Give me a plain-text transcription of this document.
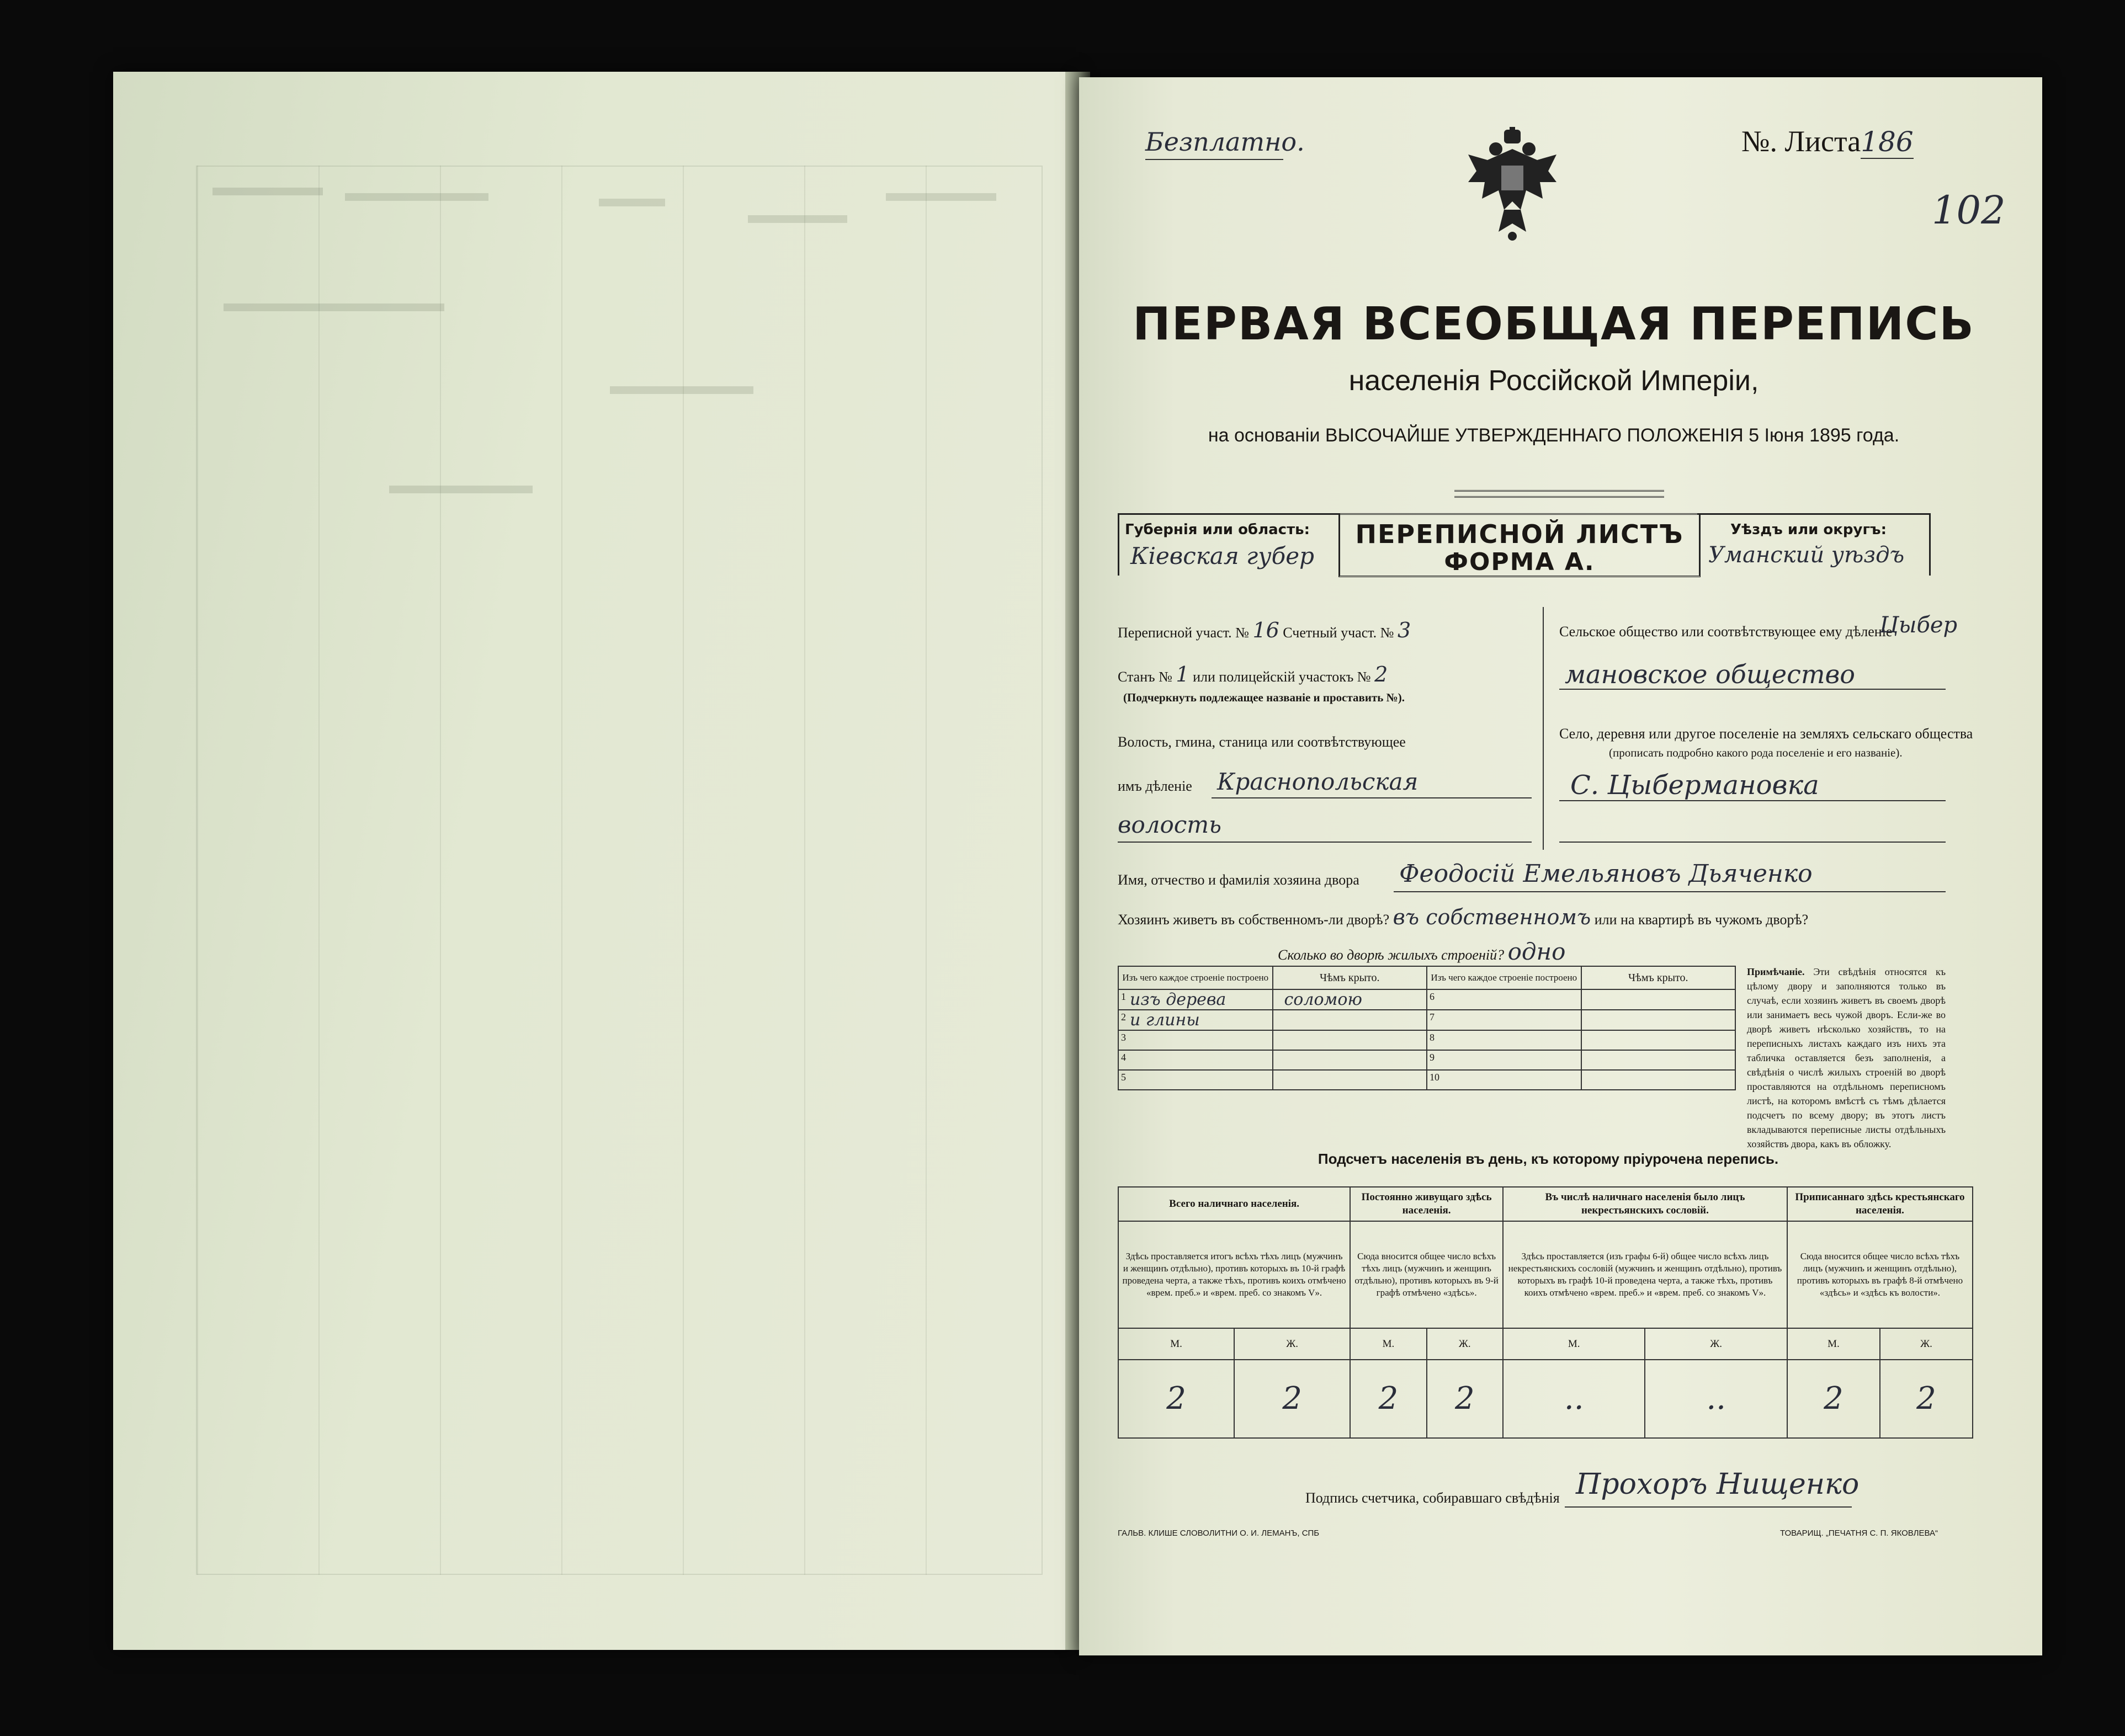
Безплатно.	№. Листа186
102
ПЕРВАЯ ВСЕОБЩАЯ ПЕРЕПИСЬ
населенія Россійской Имперіи,
на основаніи ВЫСОЧАЙШЕ УТВЕРЖДЕННАГО ПОЛОЖЕНІЯ 5 Іюня 1895 года.
Губернія или область:
Кiевская губер
ПЕРЕПИСНОЙ ЛИСТЪ
ФОРМА А.
Уѣздъ или округъ:
Уманский уѣздъ
Переписной участ. № 16 Счетный участ. № 3
Станъ № 1 или полицейскій участокъ № 2
(Подчеркнуть подлежащее названіе и проставить №).
Волость, гмина, станица или соотвѣтствующее
имъ дѣленіе Краснопольская
волость
Сельское общество или соотвѣтствующее ему дѣленіе
Цыбер
мановское общество
Село, деревня или другое поселеніе на земляхъ сельскаго общества
(прописать подробно какого рода поселеніе и его названіе).
С. Цыбермановка
Имя, отчество и фамилія хозяина двора Феодосій Емельяновъ Дьяченко
Хозяинъ живетъ въ собственномъ-ли дворѣ? въ собственномъ или на квартирѣ въ чужомъ дворѣ?
Сколько во дворѣ жилыхъ строеній? одно
Изъ чего каждое строеніе построено	Чѣмъ крыто.	Изъ чего каждое строеніе построено	Чѣмъ крыто.

1 изъ дерева	соломою	6	

2 и глины		7	

3		8	

4		9	

5		10	

Примѣчаніе. Эти свѣдѣнія относятся къ цѣлому двору и заполняются только въ случаѣ, если хозяинъ живетъ въ своемъ дворѣ или занимаетъ весь чужой дворъ. Если-же во дворѣ живетъ нѣсколько хозяйствъ, то на переписныхъ листахъ каждаго изъ нихъ эта табличка оставляется безъ заполненія, а свѣдѣнія о числѣ жилыхъ строеній во дворѣ проставляются на отдѣльномъ переписномъ листѣ, на которомъ вмѣстѣ съ тѣмъ дѣлается подсчетъ по всему двору; въ этотъ листъ вкладываются переписные листы отдѣльныхъ хозяйствъ двора, какъ въ обложку.
Подсчетъ населенія въ день, къ которому пріурочена перепись.
Всего наличнаго населенія.		Постоянно живущаго здѣсь населенія.		Въ числѣ наличнаго населенія было лицъ некрестьянскихъ сословій.		Приписаннаго здѣсь крестьянскаго населенія.	
Здѣсь проставляется итогъ всѣхъ тѣхъ лицъ (мужчинъ и женщинъ отдѣльно), противъ которыхъ въ 10-й графѣ проведена черта, а также тѣхъ, противъ коихъ отмѣчено «врем. преб.» и «врем. преб. со знакомъ V».		Сюда вносится общее число всѣхъ тѣхъ лицъ (мужчинъ и женщинъ отдѣльно), противъ которыхъ въ 9-й графѣ отмѣчено «здѣсь».		Здѣсь проставляется (изъ графы 6-й) общее число всѣхъ лицъ некрестьянскихъ сословій (мужчинъ и женщинъ отдѣльно), противъ которыхъ въ графѣ 10-й проведена черта, а также тѣхъ, противъ коихъ отмѣчено «врем. преб.» и «врем. преб. со знакомъ V».		Сюда вносится общее число всѣхъ тѣхъ лицъ (мужчинъ и женщинъ отдѣльно), противъ которыхъ въ графѣ 8-й отмѣчено «здѣсь» и «здѣсь къ волости».	
М.	Ж.	М.	Ж.	М.	Ж.	М.	Ж.
2	2	2	2	..	..	2	2
Подпись счетчика, собиравшаго свѣдѣнія Прохоръ Нищенко
ГАЛЬВ. КЛИШЕ СЛОВОЛИТНИ О. И. ЛЕМАНЪ, СПБ	ТОВАРИЩ. „ПЕЧАТНЯ С. П. ЯКОВЛЕВА“
